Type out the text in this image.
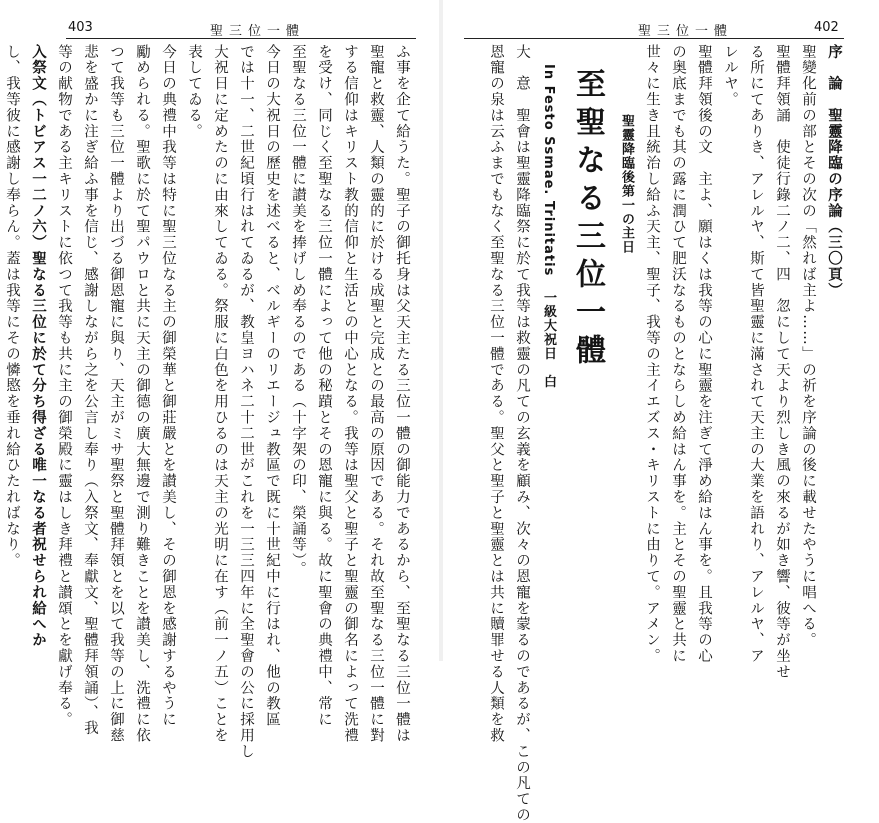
403	聖三位一體
ふ事を企て給うた。聖子の御托身は父天主たる三位一體の御能力であるから、至聖なる三位一體は
聖寵と救靈、人類の靈的に於ける成聖と完成との最高の原因である。それ故至聖なる三位一體に對
する信仰はキリスト教的信仰と生活との中心となる。我等は聖父と聖子と聖靈の御名によって洗禮
を受け、同じく至聖なる三位一體によって他の秘蹟とその恩寵に與る。故に聖會の典禮中、常に
至聖なる三位一體に讃美を捧げしめ奉るのである（十字架の印、榮誦等）。
今日の大祝日の歷史を述べると、ベルギーのリエージュ教區で既に十世紀中に行はれ、他の教區
では十一、二世紀頃行はれてゐるが、教皇ヨハネ二十二世がこれを一三三四年に全聖會の公に採用し
大祝日に定めたのに由來してゐる。祭服に白色を用ひるのは天主の光明に在す（前一ノ五）ことを
表してゐる。
今日の典禮中我等は特に聖三位なる主の御榮華と御莊嚴とを讃美し、その御恩を感謝するやうに
勵められる。聖歌に於て聖パウロと共に天主の御德の廣大無邊で測り難きことを讃美し、洗禮に依
つて我等も三位一體より出づる御恩寵に與り、天主がミサ聖祭と聖體拜領とを以て我等の上に御慈
悲を盛かに注ぎ給ふ事を信じ、感謝しながら之を公言し奉り（入祭文、奉獻文、聖體拜領誦）、我
等の献物である主キリストに依つて我等も共に主の御榮殿に靈はしき拜禮と讃頌とを獻げ奉る。
入祭文（トビアス一二ノ六）聖なる三位に於て分ち得ざる唯一なる者祝せられ給へか
し、我等彼に感謝し奉らん。蓋は我等にその憐愍を垂れ給ひたればなり。
聖三位一體	402
序　論　聖靈降臨の序論（三〇頁）
聖變化前の部とその次の「然れば主よ……」の祈を序論の後に載せたやうに唱へる。
聖體拜領誦　使徒行錄二ノ二、四　忽にして天より烈しき風の來るが如き響、彼等が坐せ
る所にてありき、アレルヤ、斯て皆聖靈に滿されて天主の大業を語れり、アレルヤ、ア
レルヤ。
聖體拜領後の文　主よ、願はくは我等の心に聖靈を注ぎて淨め給はん事を。且我等の心
の奥底までも其の露に潤ひて肥沃なるものとならしめ給はん事を。主とその聖靈と共に
世々に生き且統治し給ふ天主、聖子、我等の主イエズス・キリストに由りて。アメン。
聖靈降臨後第一の主日
至聖なる三位一體
In Festo Ssmae. Trinitatis　一級大祝日　白
大　意　聖會は聖靈降臨祭に於て我等は救靈の凡ての玄義を顧み、次々の恩寵を蒙るのであるが、この凡ての
恩寵の泉は云ふまでもなく至聖なる三位一體である。聖父と聖子と聖靈とは共に贖罪せる人類を救
